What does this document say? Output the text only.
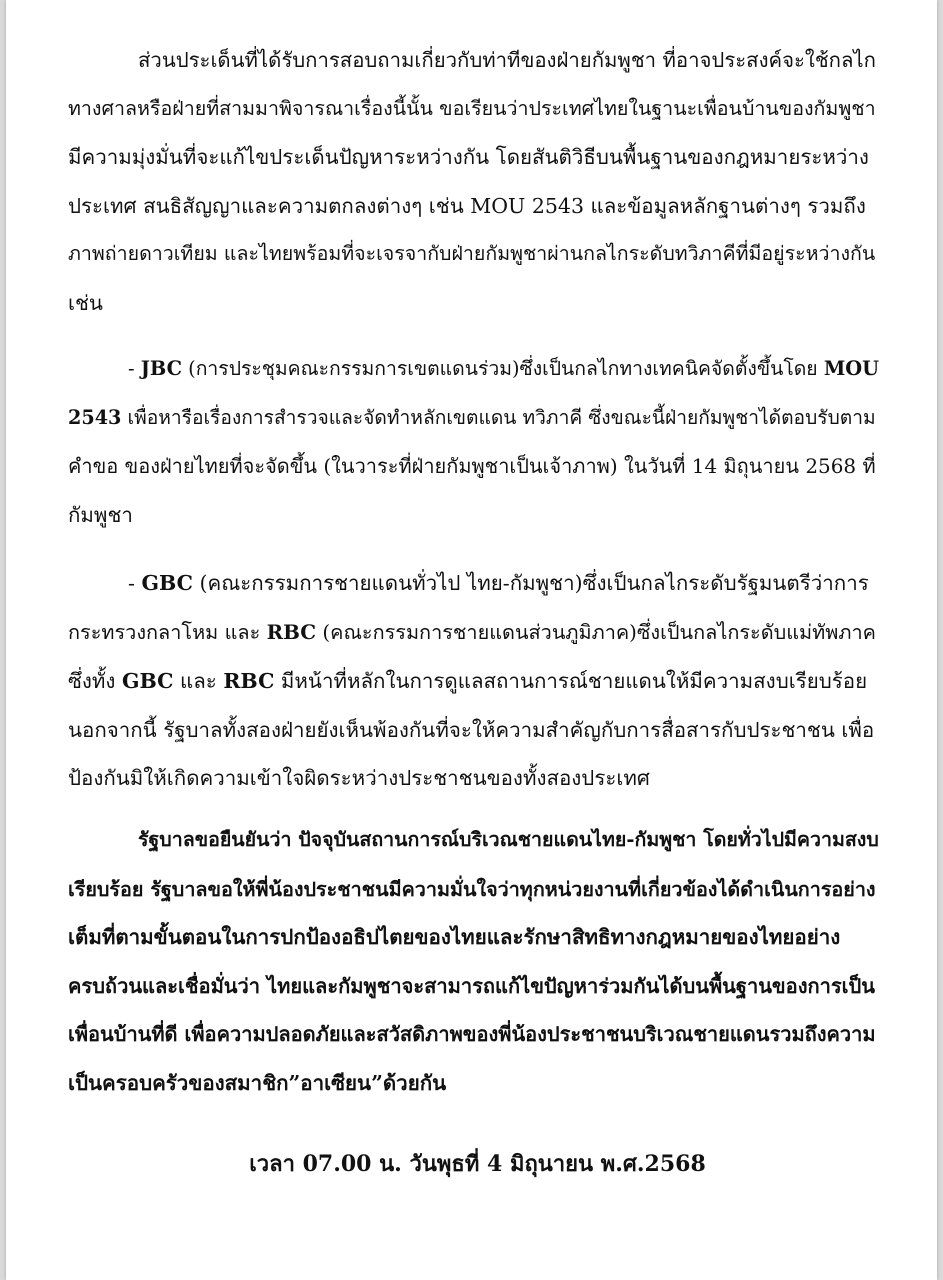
ส่วนประเด็นที่ได้รับการสอบถามเกี่ยวกับท่าทีของฝ่ายกัมพูชา ที่อาจประสงค์จะใช้กลไก
ทางศาลหรือฝ่ายที่สามมาพิจารณาเรื่องนี้นั้น ขอเรียนว่าประเทศไทยในฐานะเพื่อนบ้านของกัมพูชา
มีความมุ่งมั่นที่จะแก้ไขประเด็นปัญหาระหว่างกัน โดยสันติวิธีบนพื้นฐานของกฎหมายระหว่าง
ประเทศ สนธิสัญญาและความตกลงต่างๆ เช่น MOU 2543 และข้อมูลหลักฐานต่างๆ รวมถึง
ภาพถ่ายดาวเทียม และไทยพร้อมที่จะเจรจากับฝ่ายกัมพูชาผ่านกลไกระดับทวิภาคีที่มีอยู่ระหว่างกัน
เช่น
- JBC (การประชุมคณะกรรมการเขตแดนร่วม)ซึ่งเป็นกลไกทางเทคนิคจัดตั้งขึ้นโดย MOU
2543 เพื่อหารือเรื่องการสำรวจและจัดทำหลักเขตแดน ทวิภาคี ซึ่งขณะนี้ฝ่ายกัมพูชาได้ตอบรับตาม
คำขอ ของฝ่ายไทยที่จะจัดขึ้น (ในวาระที่ฝ่ายกัมพูชาเป็นเจ้าภาพ) ในวันที่ 14 มิถุนายน 2568 ที่
กัมพูชา
- GBC (คณะกรรมการชายแดนทั่วไป ไทย-กัมพูชา)ซึ่งเป็นกลไกระดับรัฐมนตรีว่าการ
กระทรวงกลาโหม และ RBC (คณะกรรมการชายแดนส่วนภูมิภาค)ซึ่งเป็นกลไกระดับแม่ทัพภาค
ซึ่งทั้ง GBC และ RBC มีหน้าที่หลักในการดูแลสถานการณ์ชายแดนให้มีความสงบเรียบร้อย
นอกจากนี้ รัฐบาลทั้งสองฝ่ายยังเห็นพ้องกันที่จะให้ความสำคัญกับการสื่อสารกับประชาชน เพื่อ
ป้องกันมิให้เกิดความเข้าใจผิดระหว่างประชาชนของทั้งสองประเทศ
รัฐบาลขอยืนยันว่า ปัจจุบันสถานการณ์บริเวณชายแดนไทย-กัมพูชา โดยทั่วไปมีความสงบ
เรียบร้อย รัฐบาลขอให้พี่น้องประชาชนมีความมั่นใจว่าทุกหน่วยงานที่เกี่ยวข้องได้ดำเนินการอย่าง
เต็มที่ตามขั้นตอนในการปกป้องอธิปไตยของไทยและรักษาสิทธิทางกฎหมายของไทยอย่าง
ครบถ้วนและเชื่อมั่นว่า ไทยและกัมพูชาจะสามารถแก้ไขปัญหาร่วมกันได้บนพื้นฐานของการเป็น
เพื่อนบ้านที่ดี เพื่อความปลอดภัยและสวัสดิภาพของพี่น้องประชาชนบริเวณชายแดนรวมถึงความ
เป็นครอบครัวของสมาชิก”อาเซียน”ด้วยกัน
เวลา 07.00 น. วันพุธที่ 4 มิถุนายน พ.ศ.2568
